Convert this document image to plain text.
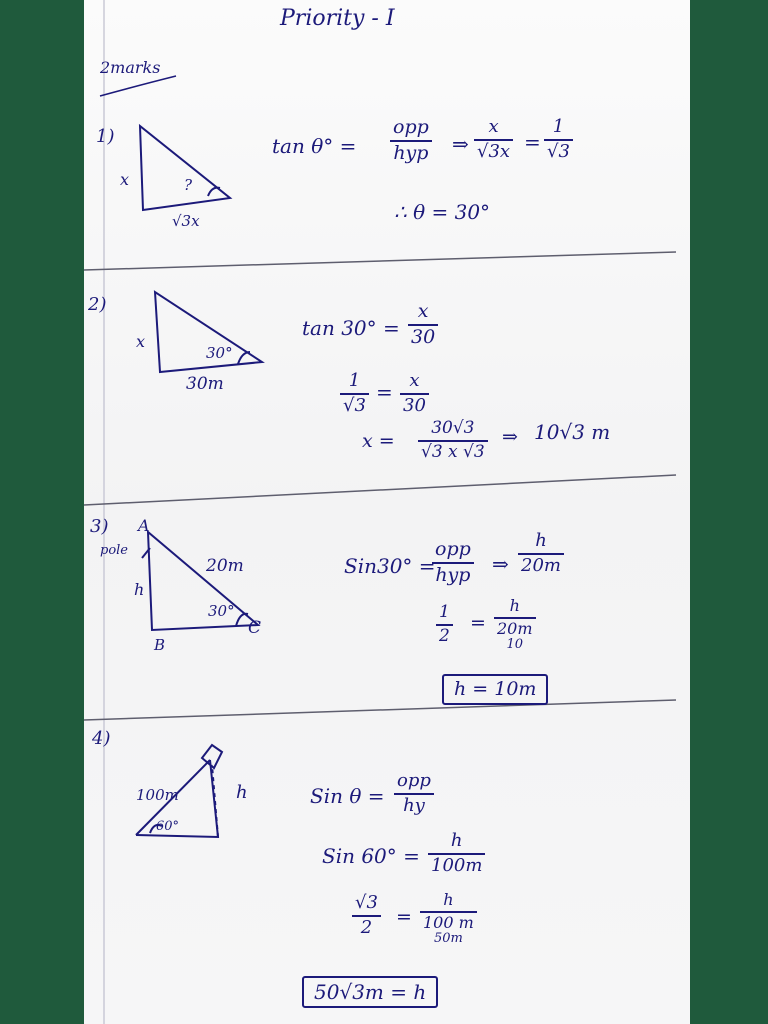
Priority - I
2marks
1)
x
√3x
?
tan θ° =
opp
hyp ⇒
x
√3x =
1
√3
∴ θ = 30°
2)
x
30m
30°
tan 30° =
x
30
1
√3
= x
30
x =
30√3
√3 x √3
⇒ 10√3 m
3)
pole
A
B
C
20m
h
30°
Sin30° =
opp
hyp ⇒
h
20m
1
2
=
h
20m
10
h = 10m
4)
100m	h
60°
Sin θ =
opp
hy
Sin 60° =
h
100m
√3
2 =
h
100 m
50m
50√3m = h
